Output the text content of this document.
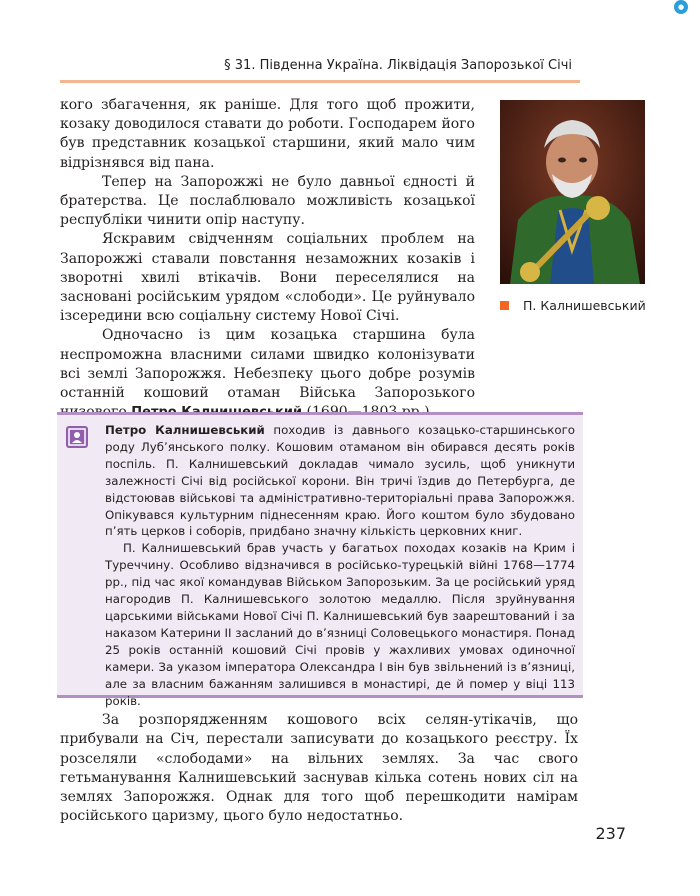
●
§ 31. Південна Україна. Ліквідація Запорозької Січі

кого збагачення, як раніше. Для того щоб прожити, козаку доводилося ставати до роботи. Господарем його був представник козацької старшини, який мало чим відрізнявся від пана.

Тепер на Запорожжі не було давньої єдності й братерства. Це послаблювало можливість козацької республіки чинити опір наступу.

Яскравим свідченням соціальних проблем на Запорожжі ставали повстання незаможних козаків і зворотні хвилі втікачів. Вони переселялися на засновані російським урядом «слободи». Це руйнувало ізсередини всю соціальну систему Нової Січі.

Одночасно із цим козацька старшина була неспроможна власними силами швидко колонізувати всі землі Запорожжя. Небезпеку цього добре розумів останній кошовий отаман Війська Запорозького

П. Калнишевський

Петро Калнишевський походив із давнього козацько-старшинського роду Лубʼянського полку. Кошовим отаманом він обирався десять років поспіль. П. Калнишевський докладав чимало зусиль, щоб уникнути залежності Січі від російської корони. Він тричі їздив до Петербурга, де відстоював військові та адміністративно-територіальні права Запорожжя. Опікувався культурним піднесенням краю. Його коштом було збудовано пʼять церков і соборів, придбано значну кількість церковних книг.

П. Калнишевський брав участь у багатьох походах козаків на Крим і Туреччину. Особливо відзначився в російсько-турецькій війні 1768—1774 рр., під час якої командував Військом Запорозьким. За це російський уряд нагородив П. Калнишевського золотою медаллю. Після зруйнування царськими військами Нової Січі П. Калнишевський був заарештований і за наказом Катерини II засланий до вʼязниці Соловецького монастиря. Понад 25 років останній кошовий Січі провів у жахливих умовах одиночної камери. За указом імператора Олександра I він був звільнений із вʼязниці, але за власним бажанням залишився в монастирі, де й помер у віці 113 років.

За розпорядженням кошового всіх селян-утікачів, що прибували на Січ, перестали записувати до козацького реєстру. Їх розселяли «слободами» на вільних землях. За час свого гетьманування Калнишевський заснував кілька сотень нових сіл на землях Запорожжя. Однак для того щоб перешкодити намірам російського царизму, цього було недостатньо.

237
